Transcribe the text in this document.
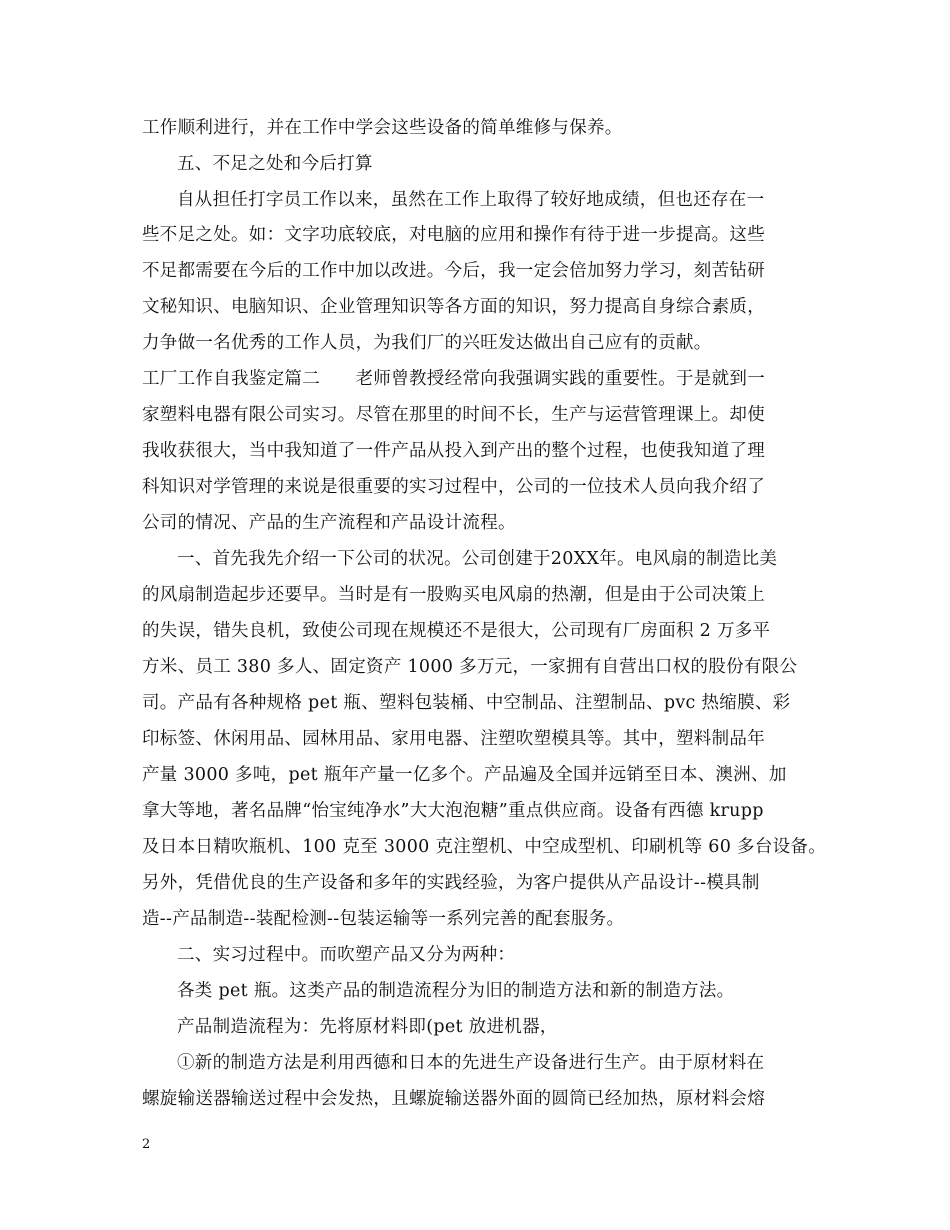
工作顺利进行，并在工作中学会这些设备的简单维修与保养。
五、不足之处和今后打算
自从担任打字员工作以来，虽然在工作上取得了较好地成绩，但也还存在一
些不足之处。如：文字功底较底，对电脑的应用和操作有待于进一步提高。这些
不足都需要在今后的工作中加以改进。今后，我一定会倍加努力学习，刻苦钻研
文秘知识、电脑知识、企业管理知识等各方面的知识，努力提高自身综合素质，
力争做一名优秀的工作人员，为我们厂的兴旺发达做出自己应有的贡献。
工厂工作自我鉴定篇二　　老师曾教授经常向我强调实践的重要性。于是就到一
家塑料电器有限公司实习。尽管在那里的时间不长，生产与运营管理课上。却使
我收获很大，当中我知道了一件产品从投入到产出的整个过程，也使我知道了理
科知识对学管理的来说是很重要的实习过程中，公司的一位技术人员向我介绍了
公司的情况、产品的生产流程和产品设计流程。
一、首先我先介绍一下公司的状况。公司创建于20XX年。电风扇的制造比美
的风扇制造起步还要早。当时是有一股购买电风扇的热潮，但是由于公司决策上
的失误，错失良机，致使公司现在规模还不是很大，公司现有厂房面积 2 万多平
方米、员工 380 多人、固定资产 1000 多万元，一家拥有自营出口权的股份有限公
司。产品有各种规格 pet 瓶、塑料包装桶、中空制品、注塑制品、pvc 热缩膜、彩
印标签、休闲用品、园林用品、家用电器、注塑吹塑模具等。其中，塑料制品年
产量 3000 多吨，pet 瓶年产量一亿多个。产品遍及全国并远销至日本、澳洲、加
拿大等地，著名品牌“怡宝纯净水”大大泡泡糖”重点供应商。设备有西德 krupp
及日本日精吹瓶机、100 克至 3000 克注塑机、中空成型机、印刷机等 60 多台设备。
另外，凭借优良的生产设备和多年的实践经验，为客户提供从产品设计--模具制
造--产品制造--装配检测--包装运输等一系列完善的配套服务。
二、实习过程中。而吹塑产品又分为两种：
各类 pet 瓶。这类产品的制造流程分为旧的制造方法和新的制造方法。
产品制造流程为：先将原材料即(pet 放进机器，
①新的制造方法是利用西德和日本的先进生产设备进行生产。由于原材料在
螺旋输送器输送过程中会发热，且螺旋输送器外面的圆筒已经加热，原材料会熔
2
